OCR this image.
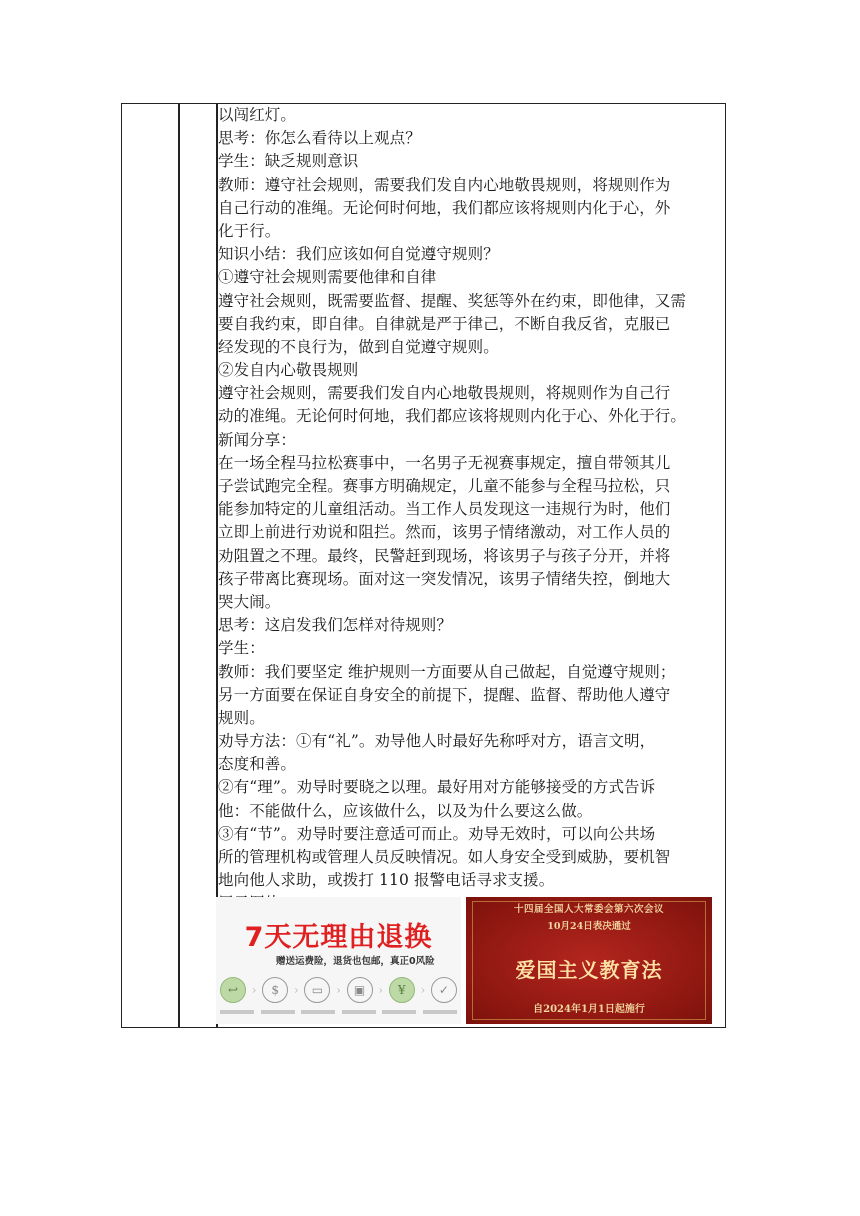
以闯红灯。
思考：你怎么看待以上观点？
学生：缺乏规则意识
教师：遵守社会规则，需要我们发自内心地敬畏规则，将规则作为
自己行动的准绳。无论何时何地，我们都应该将规则内化于心，外
化于行。
知识小结：我们应该如何自觉遵守规则？
①遵守社会规则需要他律和自律
遵守社会规则，既需要监督、提醒、奖惩等外在约束，即他律，又需
要自我约束，即自律。自律就是严于律己，不断自我反省，克服已
经发现的不良行为，做到自觉遵守规则。
②发自内心敬畏规则
遵守社会规则，需要我们发自内心地敬畏规则，将规则作为自己行
动的准绳。无论何时何地，我们都应该将规则内化于心、外化于行。
新闻分享：
在一场全程马拉松赛事中，一名男子无视赛事规定，擅自带领其儿
子尝试跑完全程。赛事方明确规定，儿童不能参与全程马拉松，只
能参加特定的儿童组活动。当工作人员发现这一违规行为时，他们
立即上前进行劝说和阻拦。然而，该男子情绪激动，对工作人员的
劝阻置之不理。最终，民警赶到现场，将该男子与孩子分开，并将
孩子带离比赛现场。面对这一突发情况，该男子情绪失控，倒地大
哭大闹。
思考：这启发我们怎样对待规则？
学生：
教师：我们要坚定 维护规则一方面要从自己做起，自觉遵守规则；
另一方面要在保证自身安全的前提下，提醒、监督、帮助他人遵守
规则。
劝导方法：①有“礼”。劝导他人时最好先称呼对方，语言文明，
态度和善。
②有“理”。劝导时要晓之以理。最好用对方能够接受的方式告诉
他：不能做什么，应该做什么，以及为什么要这么做。
③有“节”。劝导时要注意适可而止。劝导无效时，可以向公共场
所的管理机构或管理人员反映情况。如人身安全受到威胁，要机智
地向他人求助，或拨打 110 报警电话寻求支援。
7天无理由退换
赠送运费险，退货也包邮，真正0风险
↩	›	$	›	▭	›	▣	›	¥	›	✓
十四届全国人大常委会第六次会议
10月24日表决通过
爱国主义教育法
自2024年1月1日起施行
